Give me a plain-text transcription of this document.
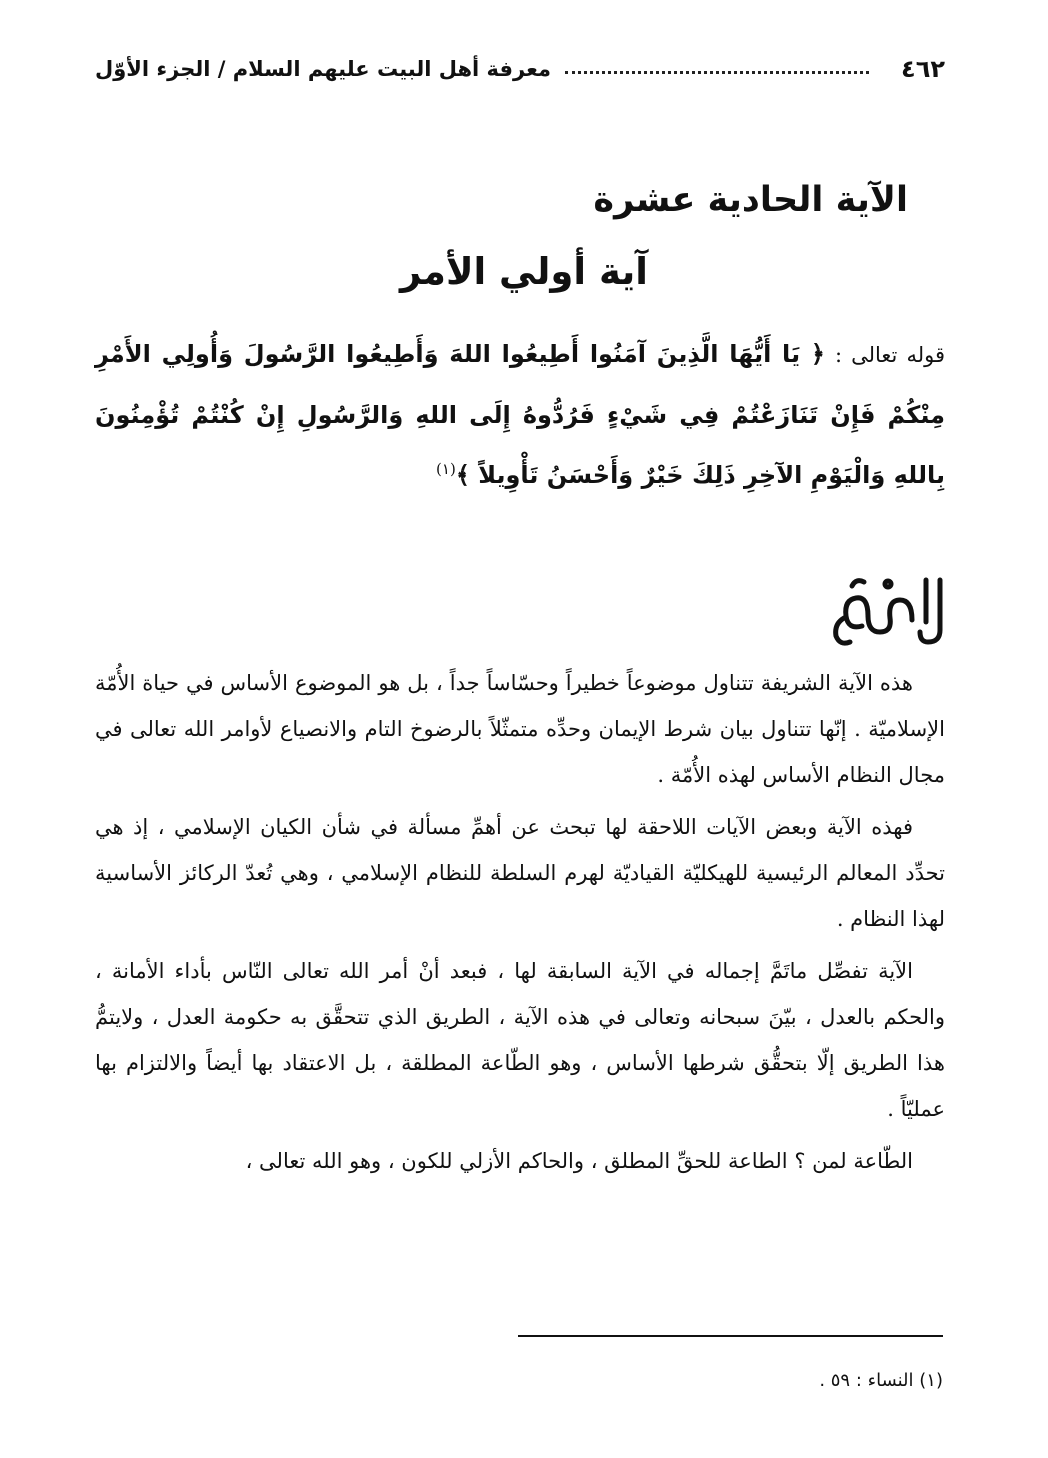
٤٦٢
معرفة أهل البيت عليهم السلام / الجزء الأوّل
الآية الحادية عشرة
آية أولي الأمر

قوله تعالى : ﴿ يَا أَيُّهَا الَّذِينَ آمَنُوا أَطِيعُوا اللهَ وَأَطِيعُوا الرَّسُولَ وَأُولِي الأَمْرِ مِنْكُمْ فَإِنْ تَنَازَعْتُمْ فِي شَيْءٍ فَرُدُّوهُ إِلَى اللهِ وَالرَّسُولِ إِنْ كُنْتُمْ تُؤْمِنُونَ بِاللهِ وَالْيَوْمِ الآخِرِ ذَلِكَ خَيْرٌ وَأَحْسَنُ تَأْوِيلاً ﴾$^{(١)}$

هذه الآية الشريفة تتناول موضوعاً خطيراً وحسّاساً جداً ، بل هو الموضوع الأساس في حياة الأُمّة الإسلاميّة . إنّها تتناول بيان شرط الإيمان وحدِّه متمثّلاً بالرضوخ التام والانصياع لأوامر الله تعالى في مجال النظام الأساس لهذه الأُمّة .

فهذه الآية وبعض الآيات اللاحقة لها تبحث عن أهمِّ مسألة في شأن الكيان الإسلامي ، إذ هي تحدِّد المعالم الرئيسية للهيكليّة القياديّة لهرم السلطة للنظام الإسلامي ، وهي تُعدّ الركائز الأساسية لهذا النظام .

الآية تفصِّل ماتَمَّ إجماله في الآية السابقة لها ، فبعد أنْ أمر الله تعالى النّاس بأداء الأمانة ، والحكم بالعدل ، بيّنَ سبحانه وتعالى في هذه الآية ، الطريق الذي تتحقَّق به حكومة العدل ، ولايتمُّ هذا الطريق إلّا بتحقُّق شرطها الأساس ، وهو الطّاعة المطلقة ، بل الاعتقاد بها أيضاً والالتزام بها عمليّاً .

الطّاعة لمن ؟ الطاعة للحقِّ المطلق ، والحاكم الأزلي للكون ، وهو الله تعالى ،

(١) النساء : ٥٩ .
